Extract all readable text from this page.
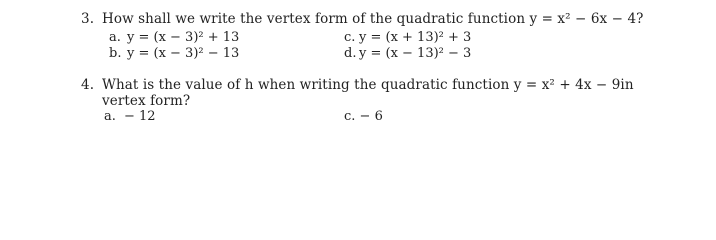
3. How shall we write the vertex form of the quadratic function y = x² − 6x − 4?
a. y = (x − 3)² + 13
b. y = (x − 3)² − 13
c. y = (x + 13)² + 3
d. y = (x − 13)² − 3
4. What is the value of h when writing the quadratic function y = x² + 4x − 9in
vertex form?
a. − 12	c. − 6
